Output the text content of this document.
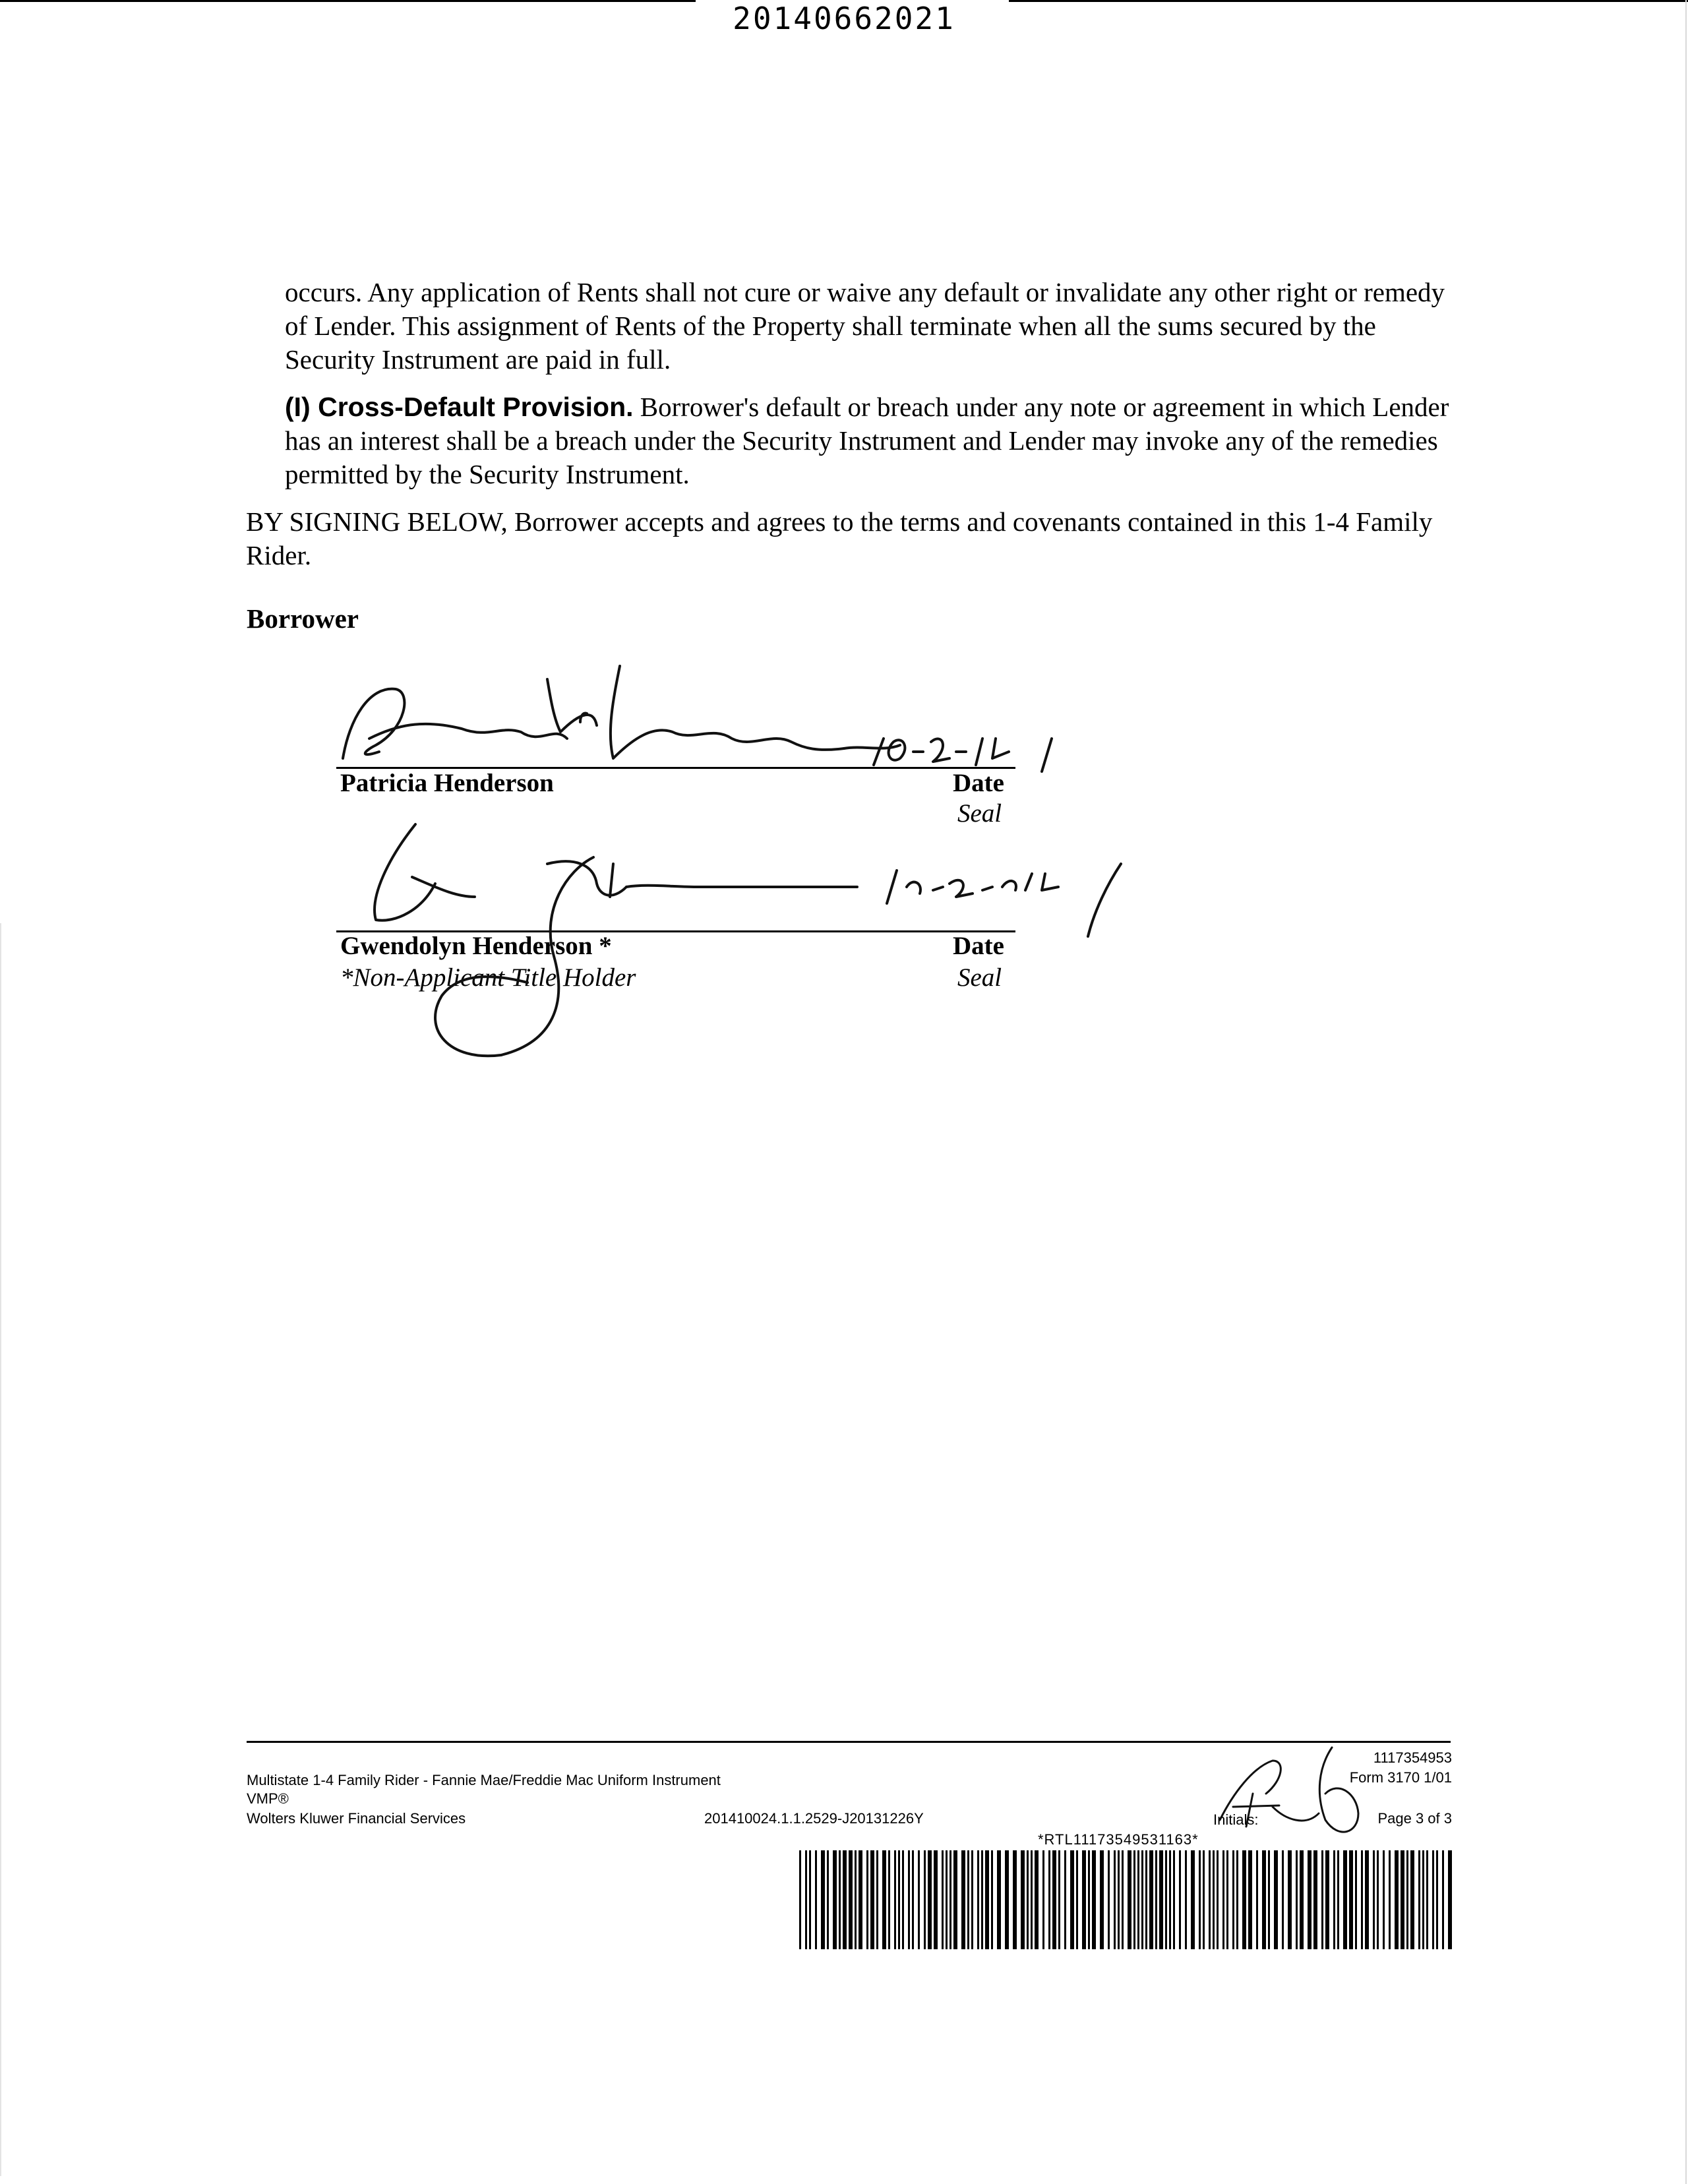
20140662021
occurs. Any application of Rents shall not cure or waive any default or invalidate any other right or remedy of Lender. This assignment of Rents of the Property shall terminate when all the sums secured by the Security Instrument are paid in full.
(I) Cross-Default Provision. Borrower's default or breach under any note or agreement in which Lender has an interest shall be a breach under the Security Instrument and Lender may invoke any of the remedies permitted by the Security Instrument.
BY SIGNING BELOW, Borrower accepts and agrees to the terms and covenants contained in this 1-4 Family Rider.
Borrower
Patricia Henderson	Date
Seal
Gwendolyn Henderson *	Date
*Non-Applicant Title Holder	Seal
Multistate 1-4 Family Rider - Fannie Mae/Freddie Mac Uniform Instrument
VMP®
Wolters Kluwer Financial Services	201410024.1.1.2529-J20131226Y
1117354953
Form 3170 1/01
Initials:	Page 3 of 3
*RTL11173549531163*
